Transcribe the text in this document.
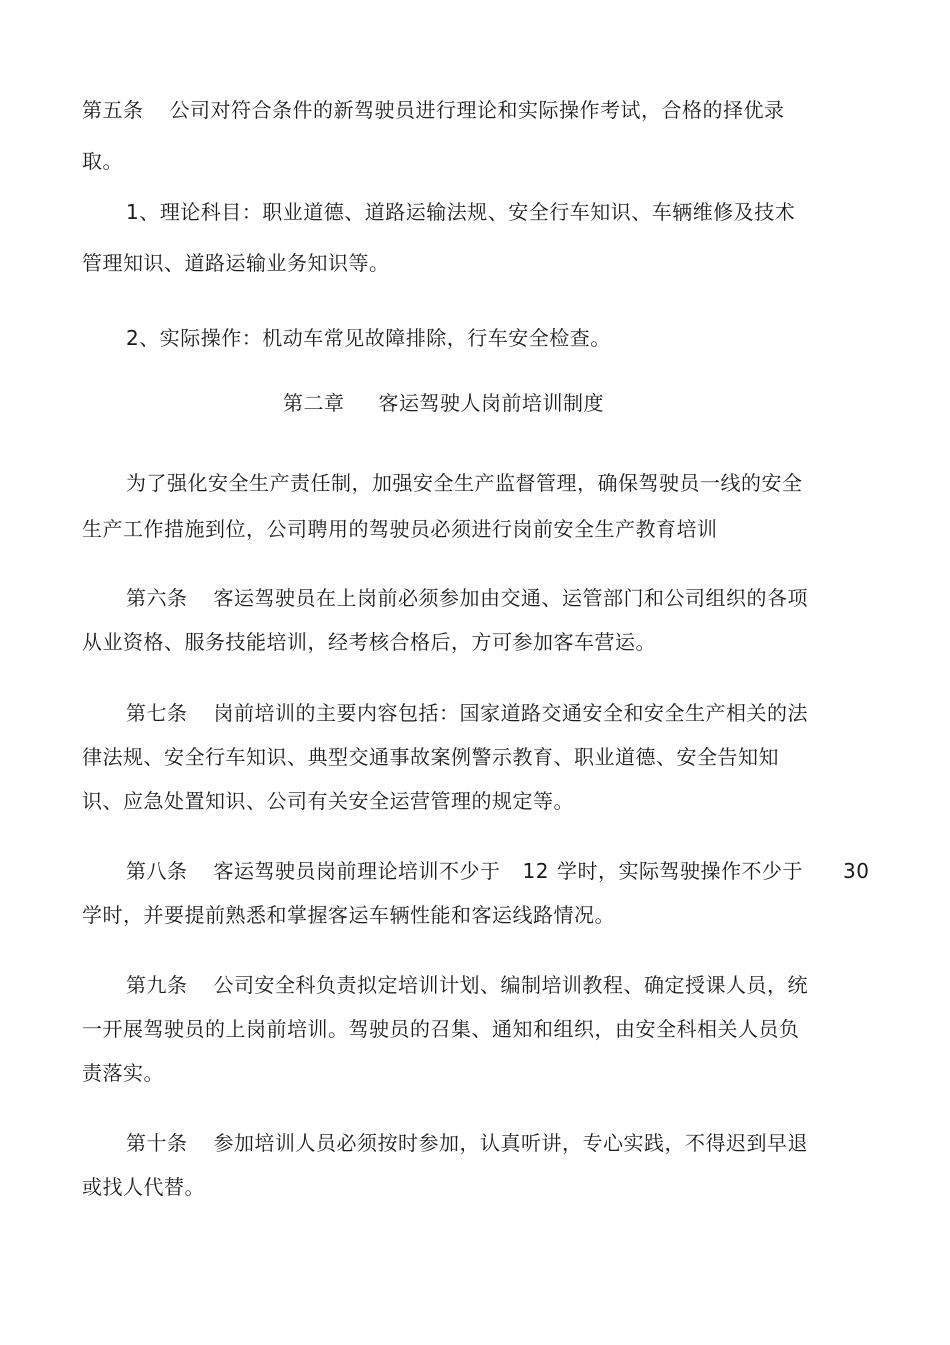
第五条 公司对符合条件的新驾驶员进行理论和实际操作考试，合格的择优录
取。
1、理论科目：职业道德、道路运输法规、安全行车知识、车辆维修及技术
管理知识、道路运输业务知识等。
2、实际操作：机动车常见故障排除，行车安全检查。
第二章 客运驾驶人岗前培训制度
为了强化安全生产责任制，加强安全生产监督管理，确保驾驶员一线的安全
生产工作措施到位，公司聘用的驾驶员必须进行岗前安全生产教育培训
第六条 客运驾驶员在上岗前必须参加由交通、运管部门和公司组织的各项
从业资格、服务技能培训，经考核合格后，方可参加客车营运。
第七条 岗前培训的主要内容包括：国家道路交通安全和安全生产相关的法
律法规、安全行车知识、典型交通事故案例警示教育、职业道德、安全告知知
识、应急处置知识、公司有关安全运营管理的规定等。
第八条 客运驾驶员岗前理论培训不少于 12 学时，实际驾驶操作不少于 30
学时，并要提前熟悉和掌握客运车辆性能和客运线路情况。
第九条 公司安全科负责拟定培训计划、编制培训教程、确定授课人员，统
一开展驾驶员的上岗前培训。驾驶员的召集、通知和组织，由安全科相关人员负
责落实。
第十条 参加培训人员必须按时参加，认真听讲，专心实践，不得迟到早退
或找人代替。
